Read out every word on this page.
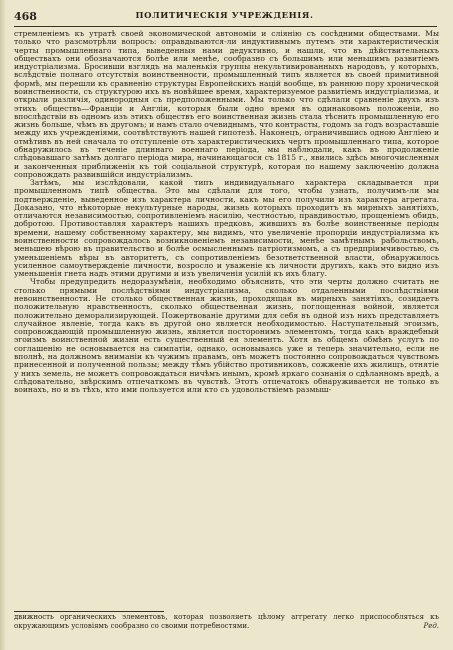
468	ПОЛИТИЧЕСКІЯ УЧРЕЖДЕНІЯ.

стремленіемъ къ утратѣ своей экономической автономіи и сліянію съ сосѣдними обществами. Мы только что разсмотрѣли вопросъ: оправдываются-ли индуктивнымъ путемъ эти характеристическія черты промышленнаго типа, выведенныя нами дедуктивно, и нашли, что въ дѣйствительныхъ обществахъ они обозначаются болѣе или менѣе, сообразно съ большимъ или меньшимъ развитіемъ индустріализма. Бросивши взглядъ на маленькія группы некультивированныхъ народовъ, у которыхъ, вслѣдствіе полнаго отсутствія воинственности, промышленный типъ является въ своей примитивной формѣ, мы перешли къ сравненію структуры Европейскихъ націй вообще, въ раннюю пору хронической воинственности, съ структурою ихъ въ новѣйшее время, характеризуемое развитіемъ индустріализма, и открыли различія, одинородныя съ предположенными. Мы только что сдѣлали сравненіе двухъ изъ этихъ обществъ—Франціи и Англіи, которыя были одно время въ одинаковомъ положеніи, но впослѣдствіи въ одномъ изъ этихъ обществъ его воинственная жизнь стала тѣснить промышленную его жизнь больше, чѣмъ въ другомъ; и намъ стало очевиднымъ, что контрасты, годомъ за годъ возраставшіе между ихъ учрежденіями, соотвѣтствуютъ нашей гипотезѣ. Наконецъ, ограничившись одною Англіею и отмѣтивъ въ ней сначала то отступленіе отъ характеристическихъ чертъ промышленнаго типа, которое обнаружилось въ теченіе длиннаго военнаго періода, мы наблюдали, какъ въ продолженіе слѣдовавшаго затѣмъ долгаго періода мира, начинающагося съ 1815 г., явились здѣсь многочисленныя и законченныя приближенія къ той соціальной структурѣ, которая по нашему заключенію должна сопровождать развившійся индустріализмъ.

Затѣмъ, мы изслѣдовали, какой типъ индивидуальнаго характера складывается при промышленномъ типѣ общества. Это мы сдѣлали для того, чтобы узнать, получимъ-ли мы подтвержденіе, выведенное изъ характера личности, какъ мы его получили изъ характера агрегата. Доказано, что нѣкоторые некультурные народы, жизнь которыхъ проходитъ въ мирныхъ занятіяхъ, отличаются независимостью, сопротивленіемъ насилію, честностью, правдивостью, прощеніемъ обидъ, добротою. Противоставляя характеръ нашихъ предковъ, жившихъ въ болѣе воинственные періоды времени, нашему собственному характеру, мы видимъ, что увеличеніе пропорціи индустріализма къ воинственности сопровождалось возникновеніемъ независимости, менѣе замѣтнымъ рабольствомъ, меньшею вѣрою въ правительство и болѣе осмысленнымъ патріотизмомъ, а съ предпріимчивостью, съ уменьшеніемъ вѣры въ авторитетъ, съ сопротивленіемъ безответственной власти, обнаружилось усиленное самоутвержденіе личности, возросло и уваженіе къ личности другихъ, какъ это видно изъ уменьшенія гнета надъ этими другими и изъ увеличенія усилій къ ихъ благу.

Чтобы предупредить недоразумѣнія, необходимо объяснить, что эти черты должно считать не столько прямыми послѣдствіями индустріализма, сколько отдаленными послѣдствіями невоинственности. Не столько общественная жизнь, проходящая въ мирныхъ занятіяхъ, созидаетъ положительную нравственность, сколько общественная жизнь, поглощенная войной, является положительно деморализирующей. Пожертвованіе другими для себя въ одной изъ нихъ представляетъ случайное явленіе, тогда какъ въ другой оно является необходимостью. Наступательный эгоизмъ, сопровождающій промышленную жизнь, является посторонимъ элементомъ, тогда какъ враждебный эгоизмъ воинственной жизни есть существенный ея элементъ. Хотя въ общемъ обмѣнъ услугъ по соглашенію не основывается на симпатіи, однако, основываясь уже и теперь значительно, если не вполнѣ, на должномъ вниманіи къ чужимъ правамъ, онъ можетъ постоянно сопровождаться чувствомъ принесенной и полученной пользы; между тѣмъ убійство противниковъ, сожженіе ихъ жилищъ, отнятіе у нихъ земель, не можетъ сопровождаться ничѣмъ инымъ, кромѣ яркаго сознанія о сдѣланномъ вредѣ, а слѣдовательно, звѣрскимъ отпечаткомъ въ чувствѣ. Этотъ отпечатокъ обнаруживается не только въ воинахъ, но и въ тѣхъ, кто ими пользуется или кто съ удовольствіемъ размыш-

движность органическихъ элементовъ, которая позволяетъ цѣлому аггрегату легко приспособляться къ окружающимъ условіямъ сообразно со своими потребностями.	Ред.
